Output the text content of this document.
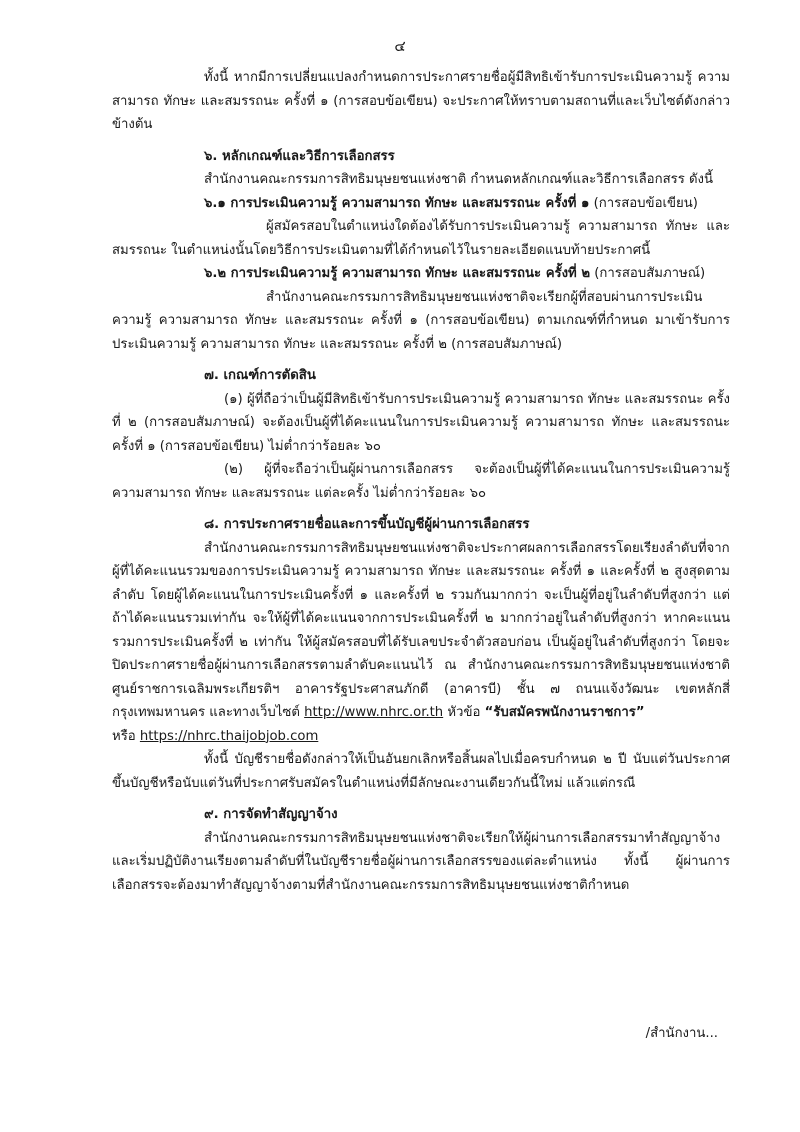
๔

ทั้งนี้ หากมีการเปลี่ยนแปลงกำหนดการประกาศรายชื่อผู้มีสิทธิเข้ารับการประเมินความรู้ ความสามารถ ทักษะ และสมรรถนะ ครั้งที่ ๑ (การสอบข้อเขียน) จะประกาศให้ทราบตามสถานที่และเว็บไซต์ดังกล่าวข้างต้น

๖. หลักเกณฑ์และวิธีการเลือกสรร

สำนักงานคณะกรรมการสิทธิมนุษยชนแห่งชาติ กำหนดหลักเกณฑ์และวิธีการเลือกสรร ดังนี้

๖.๑ การประเมินความรู้ ความสามารถ ทักษะ และสมรรถนะ ครั้งที่ ๑ (การสอบข้อเขียน)

ผู้สมัครสอบในตำแหน่งใดต้องได้รับการประเมินความรู้ ความสามารถ ทักษะ และสมรรถนะ ในตำแหน่งนั้นโดยวิธีการประเมินตามที่ได้กำหนดไว้ในรายละเอียดแนบท้ายประกาศนี้

๖.๒ การประเมินความรู้ ความสามารถ ทักษะ และสมรรถนะ ครั้งที่ ๒ (การสอบสัมภาษณ์)

สำนักงานคณะกรรมการสิทธิมนุษยชนแห่งชาติจะเรียกผู้ที่สอบผ่านการประเมินความรู้ ความสามารถ ทักษะ และสมรรถนะ ครั้งที่ ๑ (การสอบข้อเขียน) ตามเกณฑ์ที่กำหนด มาเข้ารับการประเมินความรู้ ความสามารถ ทักษะ และสมรรถนะ ครั้งที่ ๒ (การสอบสัมภาษณ์)

๗. เกณฑ์การตัดสิน

(๑) ผู้ที่ถือว่าเป็นผู้มีสิทธิเข้ารับการประเมินความรู้ ความสามารถ ทักษะ และสมรรถนะ ครั้งที่ ๒ (การสอบสัมภาษณ์) จะต้องเป็นผู้ที่ได้คะแนนในการประเมินความรู้ ความสามารถ ทักษะ และสมรรถนะ ครั้งที่ ๑ (การสอบข้อเขียน) ไม่ต่ำกว่าร้อยละ ๖๐

(๒) ผู้ที่จะถือว่าเป็นผู้ผ่านการเลือกสรร จะต้องเป็นผู้ที่ได้คะแนนในการประเมินความรู้ ความสามารถ ทักษะ และสมรรถนะ แต่ละครั้ง ไม่ต่ำกว่าร้อยละ ๖๐

๘. การประกาศรายชื่อและการขึ้นบัญชีผู้ผ่านการเลือกสรร

สำนักงานคณะกรรมการสิทธิมนุษยชนแห่งชาติจะประกาศผลการเลือกสรรโดยเรียงลำดับที่จากผู้ที่ได้คะแนนรวมของการประเมินความรู้ ความสามารถ ทักษะ และสมรรถนะ ครั้งที่ ๑ และครั้งที่ ๒ สูงสุดตามลำดับ โดยผู้ได้คะแนนในการประเมินครั้งที่ ๑ และครั้งที่ ๒ รวมกันมากกว่า จะเป็นผู้ที่อยู่ในลำดับที่สูงกว่า แต่ถ้าได้คะแนนรวมเท่ากัน จะให้ผู้ที่ได้คะแนนจากการประเมินครั้งที่ ๒ มากกว่าอยู่ในลำดับที่สูงกว่า หากคะแนนรวมการประเมินครั้งที่ ๒ เท่ากัน ให้ผู้สมัครสอบที่ได้รับเลขประจำตัวสอบก่อน เป็นผู้อยู่ในลำดับที่สูงกว่า โดยจะปิดประกาศรายชื่อผู้ผ่านการเลือกสรรตามลำดับคะแนนไว้ ณ สำนักงานคณะกรรมการสิทธิมนุษยชนแห่งชาติ ศูนย์ราชการเฉลิมพระเกียรติฯ อาคารรัฐประศาสนภักดี (อาคารบี) ชั้น ๗ ถนนแจ้งวัฒนะ เขตหลักสี่ กรุงเทพมหานคร และทางเว็บไซต์ http://www.nhrc.or.th หัวข้อ “รับสมัครพนักงานราชการ”
หรือ https://nhrc.thaijobjob.com

ทั้งนี้ บัญชีรายชื่อดังกล่าวให้เป็นอันยกเลิกหรือสิ้นผลไปเมื่อครบกำหนด ๒ ปี นับแต่วันประกาศขึ้นบัญชีหรือนับแต่วันที่ประกาศรับสมัครในตำแหน่งที่มีลักษณะงานเดียวกันนี้ใหม่ แล้วแต่กรณี

๙. การจัดทำสัญญาจ้าง

สำนักงานคณะกรรมการสิทธิมนุษยชนแห่งชาติจะเรียกให้ผู้ผ่านการเลือกสรรมาทำสัญญาจ้าง และเริ่มปฏิบัติงานเรียงตามลำดับที่ในบัญชีรายชื่อผู้ผ่านการเลือกสรรของแต่ละตำแหน่ง ทั้งนี้ ผู้ผ่านการเลือกสรรจะต้องมาทำสัญญาจ้างตามที่สำนักงานคณะกรรมการสิทธิมนุษยชนแห่งชาติกำหนด

/สำนักงาน...
